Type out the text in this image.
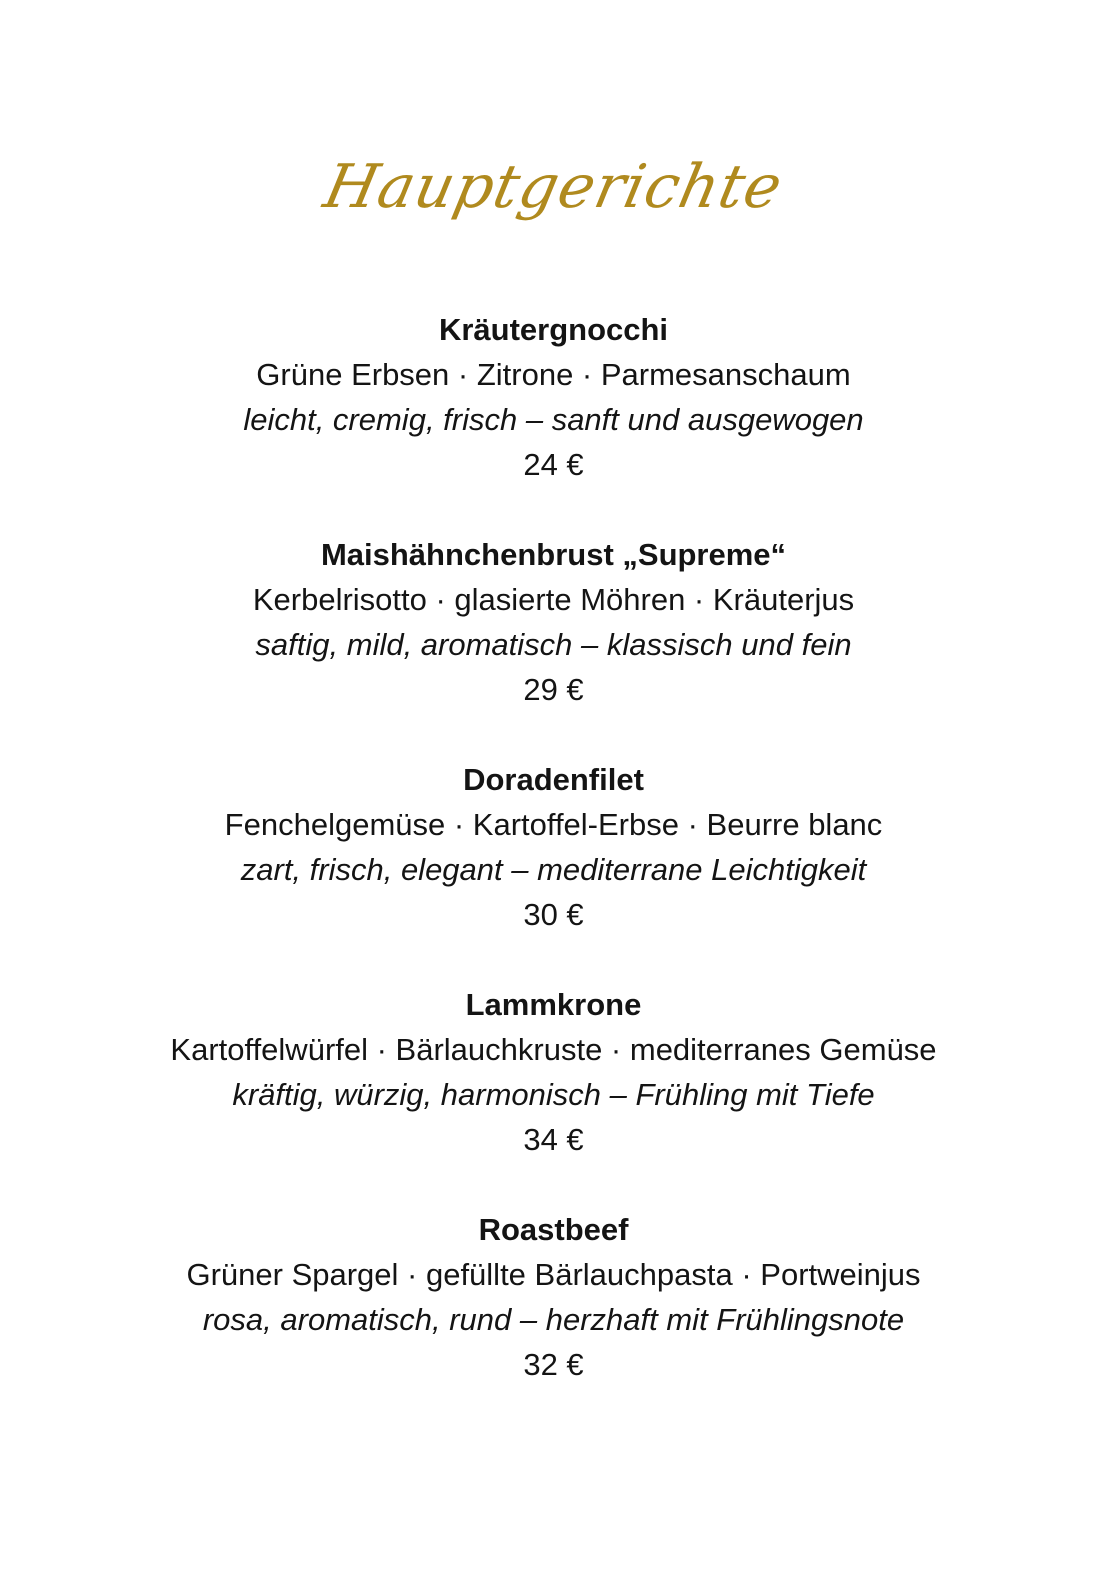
Hauptgerichte
Kräutergnocchi
Grüne Erbsen · Zitrone · Parmesanschaum
leicht, cremig, frisch – sanft und ausgewogen
24 €
Maishähnchenbrust „Supreme“
Kerbelrisotto · glasierte Möhren · Kräuterjus
saftig, mild, aromatisch – klassisch und fein
29 €
Doradenfilet
Fenchelgemüse · Kartoffel-Erbse · Beurre blanc
zart, frisch, elegant – mediterrane Leichtigkeit
30 €
Lammkrone
Kartoffelwürfel · Bärlauchkruste · mediterranes Gemüse
kräftig, würzig, harmonisch – Frühling mit Tiefe
34 €
Roastbeef
Grüner Spargel · gefüllte Bärlauchpasta · Portweinjus
rosa, aromatisch, rund – herzhaft mit Frühlingsnote
32 €
